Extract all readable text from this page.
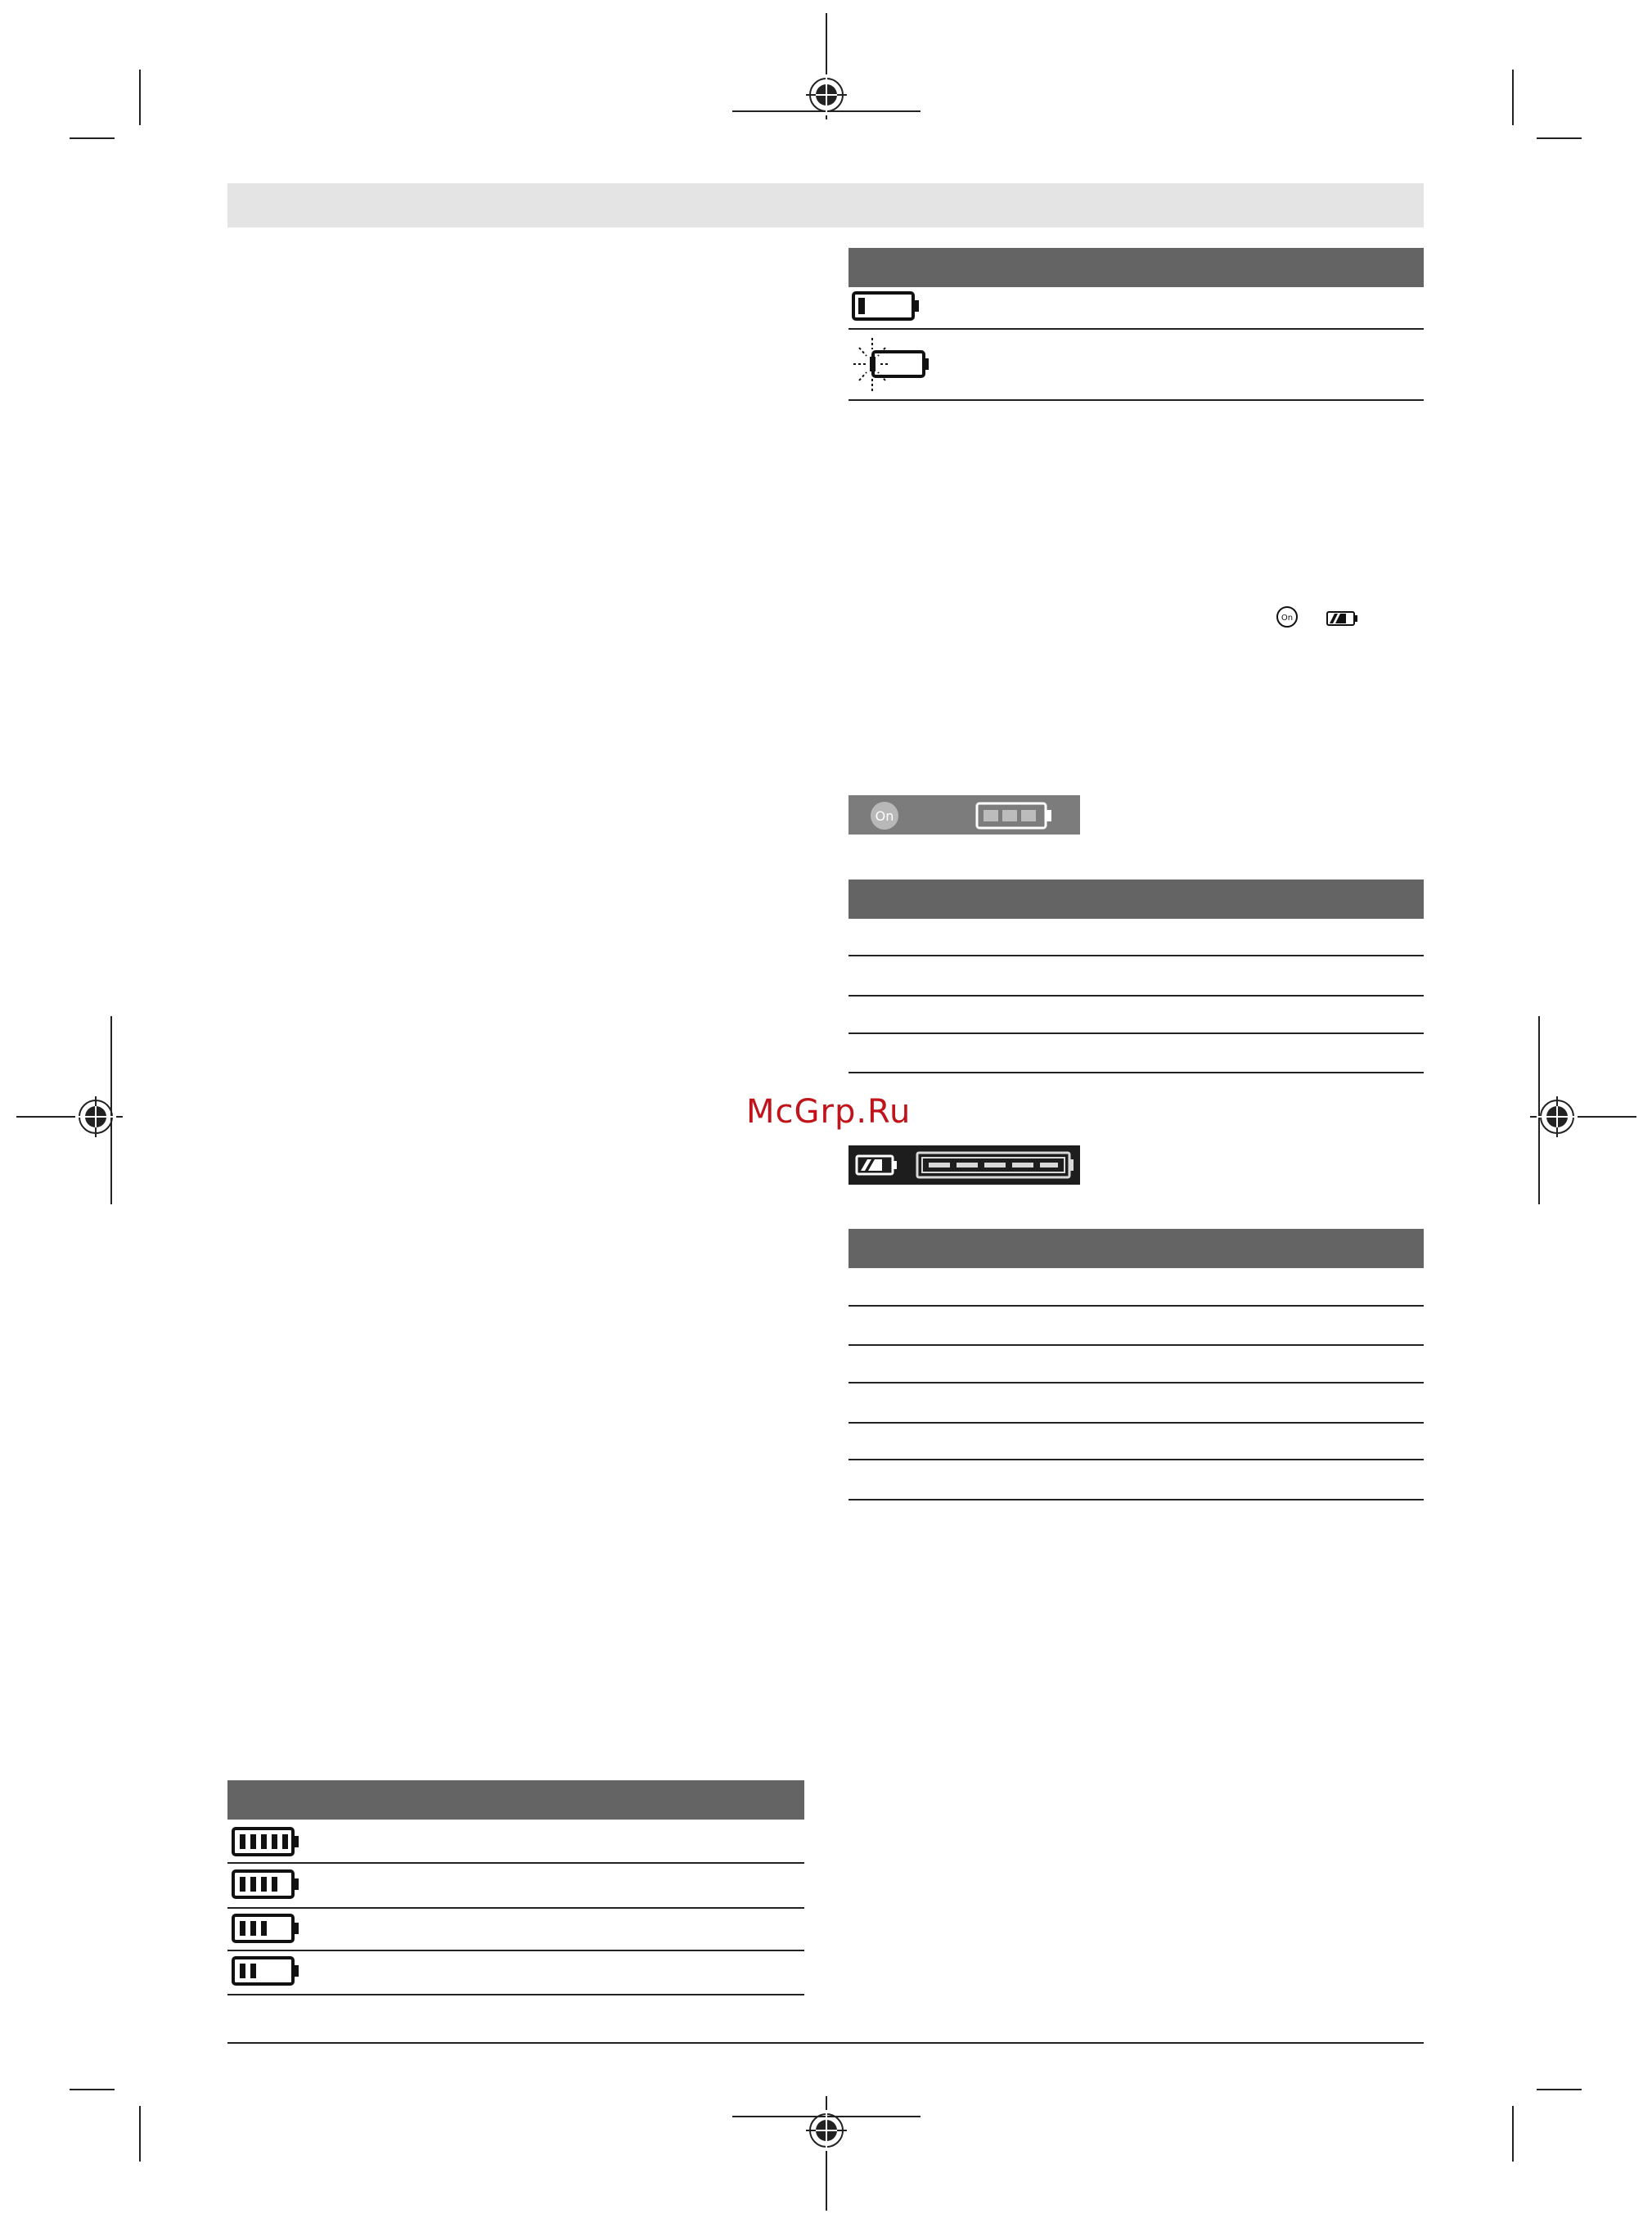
On
On
McGrp.Ru
